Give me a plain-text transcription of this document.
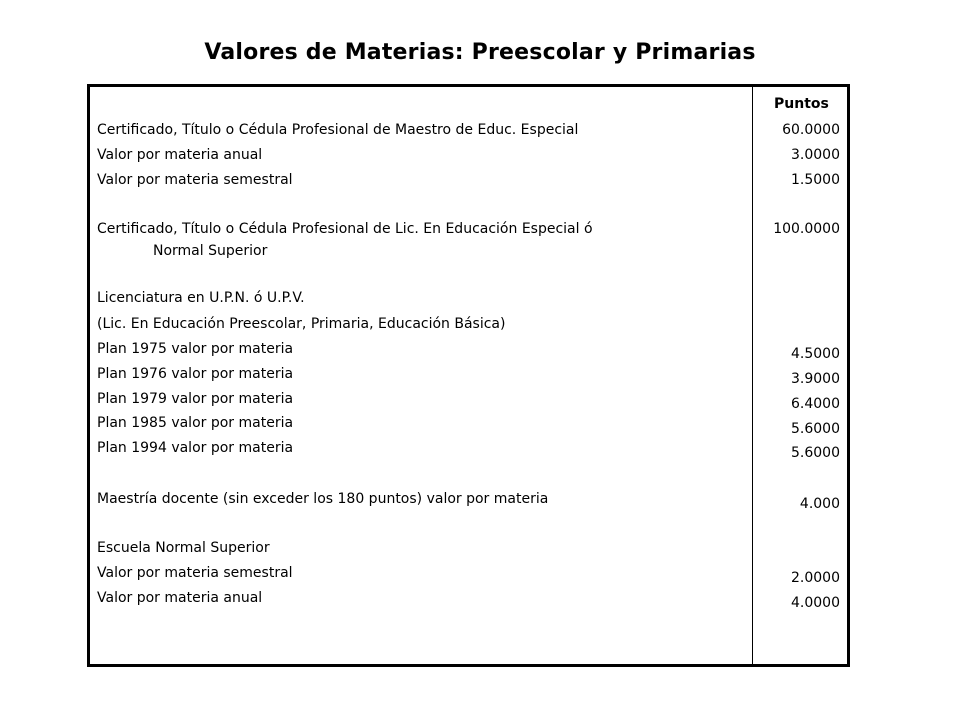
Valores de Materias: Preescolar y Primarias
Puntos
Certificado, Título o Cédula Profesional de Maestro de Educ. Especial
Valor por materia anual
Valor por materia semestral
Certificado, Título o Cédula Profesional de Lic. En Educación Especial ó
Normal Superior
Licenciatura en U.P.N. ó U.P.V.
(Lic. En Educación Preescolar, Primaria, Educación Básica)
Plan 1975 valor por materia
Plan 1976 valor por materia
Plan 1979 valor por materia
Plan 1985 valor por materia
Plan 1994 valor por materia
Maestría docente (sin exceder los 180 puntos) valor por materia
Escuela Normal Superior
Valor por materia semestral
Valor por materia anual
60.0000
3.0000
1.5000
100.0000
4.5000
3.9000
6.4000
5.6000
5.6000
4.000
2.0000
4.0000
